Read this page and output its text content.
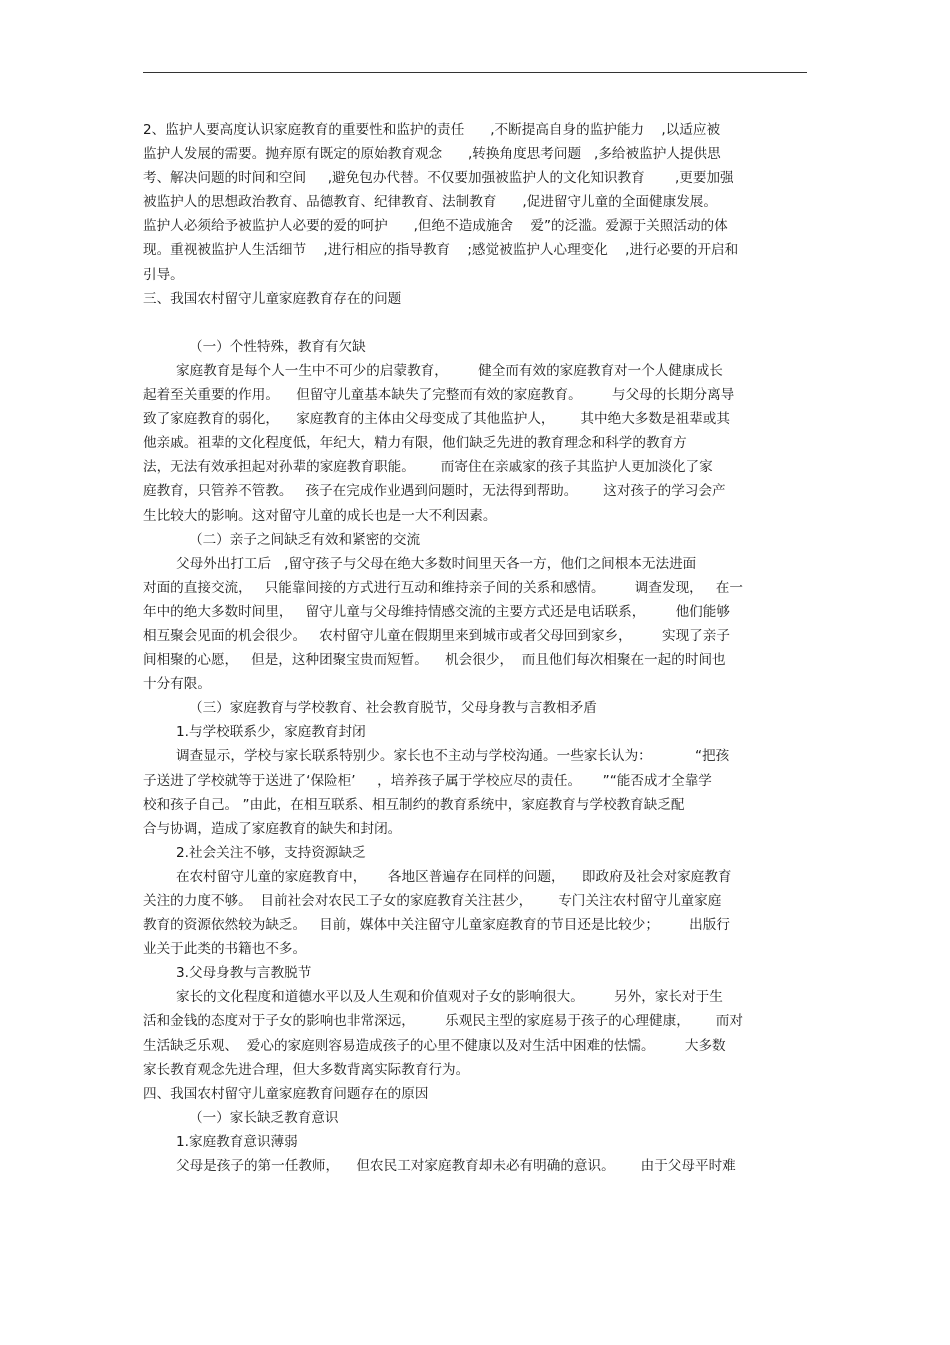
2、监护人要高度认识家庭教育的重要性和监护的责任      ,不断提高自身的监护能力    ,以适应被
监护人发展的需要。抛弃原有既定的原始教育观念      ,转换角度思考问题   ,多给被监护人提供思
考、解决问题的时间和空间     ,避免包办代替。不仅要加强被监护人的文化知识教育       ,更要加强
被监护人的思想政治教育、品德教育、纪律教育、法制教育      ,促进留守儿童的全面健康发展。
监护人必须给予被监护人必要的爱的呵护      ,但绝不造成施舍    爱”的泛滥。爱源于关照活动的体
现。重视被监护人生活细节    ,进行相应的指导教育    ;感觉被监护人心理变化    ,进行必要的开启和
引导。
三、我国农村留守儿童家庭教育存在的问题
（一）个性特殊，教育有欠缺
家庭教育是每个人一生中不可少的启蒙教育，       健全而有效的家庭教育对一个人健康成长
起着至关重要的作用。    但留守儿童基本缺失了完整而有效的家庭教育。       与父母的长期分离导
致了家庭教育的弱化，    家庭教育的主体由父母变成了其他监护人，      其中绝大多数是祖辈或其
他亲戚。祖辈的文化程度低，年纪大，精力有限，他们缺乏先进的教育理念和科学的教育方
法，无法有效承担起对孙辈的家庭教育职能。      而寄住在亲戚家的孩子其监护人更加淡化了家
庭教育，只管养不管教。   孩子在完成作业遇到问题时，无法得到帮助。      这对孩子的学习会产
生比较大的影响。这对留守儿童的成长也是一大不利因素。
（二）亲子之间缺乏有效和紧密的交流
父母外出打工后   ,留守孩子与父母在绝大多数时间里天各一方，他们之间根本无法进面
对面的直接交流，   只能靠间接的方式进行互动和维持亲子间的关系和感情。       调查发现，   在一
年中的绝大多数时间里，   留守儿童与父母维持情感交流的主要方式还是电话联系，       他们能够
相互聚会见面的机会很少。   农村留守儿童在假期里来到城市或者父母回到家乡，       实现了亲子
间相聚的心愿，   但是，这种团聚宝贵而短暂。    机会很少，  而且他们每次相聚在一起的时间也
十分有限。
（三）家庭教育与学校教育、社会教育脱节，父母身教与言教相矛盾
1.与学校联系少，家庭教育封闭
调查显示，学校与家长联系特别少。家长也不主动与学校沟通。一些家长认为：          “把孩
子送进了学校就等于送进了‘保险柜’     ，培养孩子属于学校应尽的责任。     ”“能否成才全靠学
校和孩子自己。 ”由此，在相互联系、相互制约的教育系统中，家庭教育与学校教育缺乏配
合与协调，造成了家庭教育的缺失和封闭。
2.社会关注不够，支持资源缺乏
在农村留守儿童的家庭教育中，     各地区普遍存在同样的问题，    即政府及社会对家庭教育
关注的力度不够。  目前社会对农民工子女的家庭教育关注甚少，      专门关注农村留守儿童家庭
教育的资源依然较为缺乏。   目前，媒体中关注留守儿童家庭教育的节目还是比较少；       出版行
业关于此类的书籍也不多。
3.父母身教与言教脱节
家长的文化程度和道德水平以及人生观和价值观对子女的影响很大。       另外，家长对于生
活和金钱的态度对于子女的影响也非常深远，       乐观民主型的家庭易于孩子的心理健康，      而对
生活缺乏乐观、  爱心的家庭则容易造成孩子的心里不健康以及对生活中困难的怯懦。       大多数
家长教育观念先进合理，但大多数背离实际教育行为。
四、我国农村留守儿童家庭教育问题存在的原因
（一）家长缺乏教育意识
1.家庭教育意识薄弱
父母是孩子的第一任教师，    但农民工对家庭教育却未必有明确的意识。      由于父母平时难
